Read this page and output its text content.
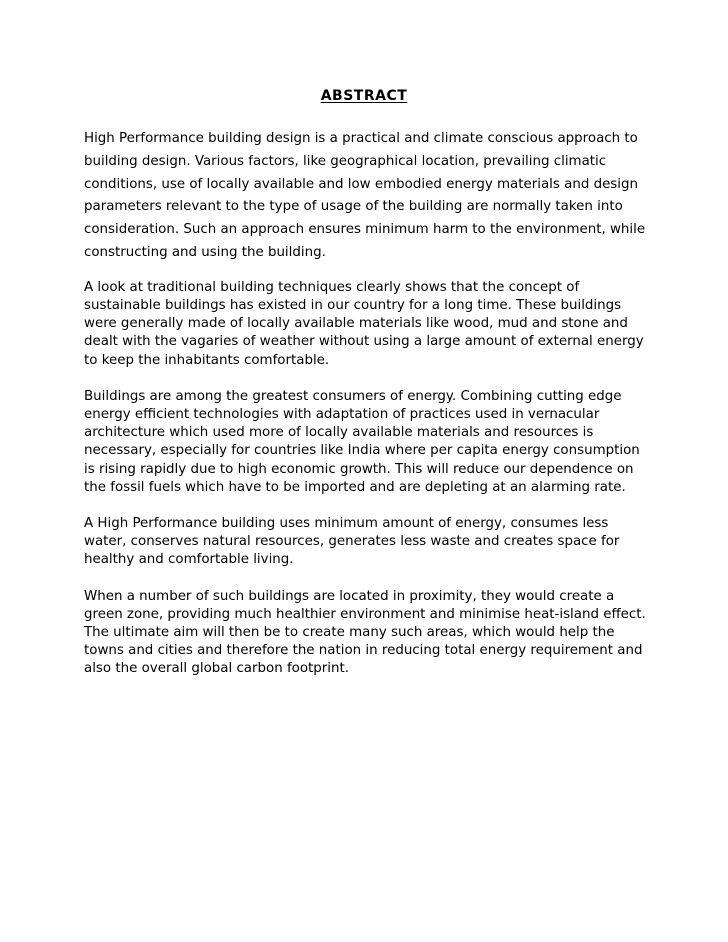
ABSTRACT

High Performance building design is a practical and climate conscious approach to building design. Various factors, like geographical location, prevailing climatic conditions, use of locally available and low embodied energy materials and design parameters relevant to the type of usage of the building are normally taken into consideration. Such an approach ensures minimum harm to the environment, while constructing and using the building.

A look at traditional building techniques clearly shows that the concept of sustainable buildings has existed in our country for a long time. These buildings were generally made of locally available materials like wood, mud and stone and dealt with the vagaries of weather without using a large amount of external energy to keep the inhabitants comfortable.

Buildings are among the greatest consumers of energy. Combining cutting edge energy efficient technologies with adaptation of practices used in vernacular architecture which used more of locally available materials and resources is necessary, especially for countries like India where per capita energy consumption is rising rapidly due to high economic growth. This will reduce our dependence on the fossil fuels which have to be imported and are depleting at an alarming rate.

A High Performance building uses minimum amount of energy, consumes less water, conserves natural resources, generates less waste and creates space for healthy and comfortable living.

When a number of such buildings are located in proximity, they would create a green zone, providing much healthier environment and minimise heat-island effect. The ultimate aim will then be to create many such areas, which would help the towns and cities and therefore the nation in reducing total energy requirement and also the overall global carbon footprint.
